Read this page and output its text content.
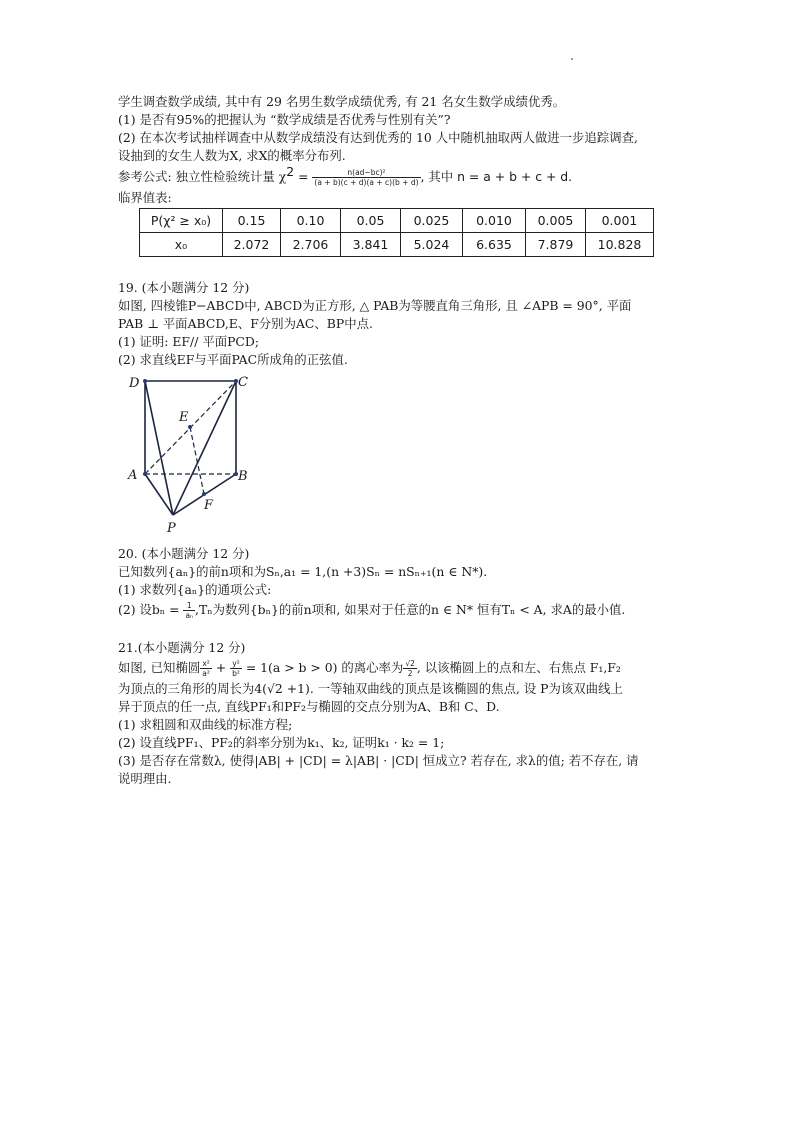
学生调查数学成绩, 其中有 29 名男生数学成绩优秀, 有 21 名女生数学成绩优秀。
(1) 是否有95%的把握认为 “数学成绩是否优秀与性别有关”?
(2) 在本次考试抽样调查中从数学成绩没有达到优秀的 10 人中随机抽取两人做进一步追踪调查,
设抽到的女生人数为X, 求X的概率分布列.
参考公式: 独立性检验统计量 $\chi^2 = \frac{\text{n(ad−bc)²}}{(a + b)(c + d)(a + c)(b + d)}$ , 其中 n = a + b + c + d.
临界值表:
P(χ² ≥ x₀)	0.15	0.10	0.05	0.025	0.010	0.005	0.001
x₀	2.072	2.706	3.841	5.024	6.635	7.879	10.828
19. (本小题满分 12 分)
如图, 四棱锥P−ABCD中, ABCD为正方形, △ PAB为等腰直角三角形, 且 ∠APB = 90°, 平面
PAB ⊥ 平面ABCD,E、F分别为AC、BP中点.
(1) 证明: EF// 平面PCD;
(2) 求直线EF与平面PAC所成角的正弦值.
D	C
E
A	B
F
P
20. (本小题满分 12 分)
已知数列{aₙ}的前n项和为Sₙ,a₁ = 1,(n +3)Sₙ = nSₙ₊₁(n ∈ N*).
(1) 求数列{aₙ}的通项公式:
(2) 设$b_n = \frac{1}{\text{aₙ}} ,T_n$为数列{bₙ}的前n项和, 如果对于任意的n ∈ N* 恒有Tₙ < A, 求A的最小值.
21.(本小题满分 12 分)
如图, 已知椭圆 $\frac{\text{x²}}{\text{a²}} + \frac{\text{y²}}{\text{b²}} = 1(a > b > 0)$ 的离心率为 $\frac{√2}{2}$ , 以该椭圆上的点和左、右焦点 F₁,F₂
为顶点的三角形的周长为4(√2 +1). 一等轴双曲线的顶点是该椭圆的焦点, 设 P为该双曲线上
异于顶点的任一点, 直线PF₁和PF₂与椭圆的交点分别为A、B和 C、D.
(1) 求粗圆和双曲线的标准方程;
(2) 设直线PF₁、PF₂的斜率分别为k₁、k₂, 证明k₁ · k₂ = 1;
(3) 是否存在常数λ, 使得|AB| + |CD| = λ|AB| · |CD| 恒成立? 若存在, 求λ的值; 若不存在, 请
说明理由.
